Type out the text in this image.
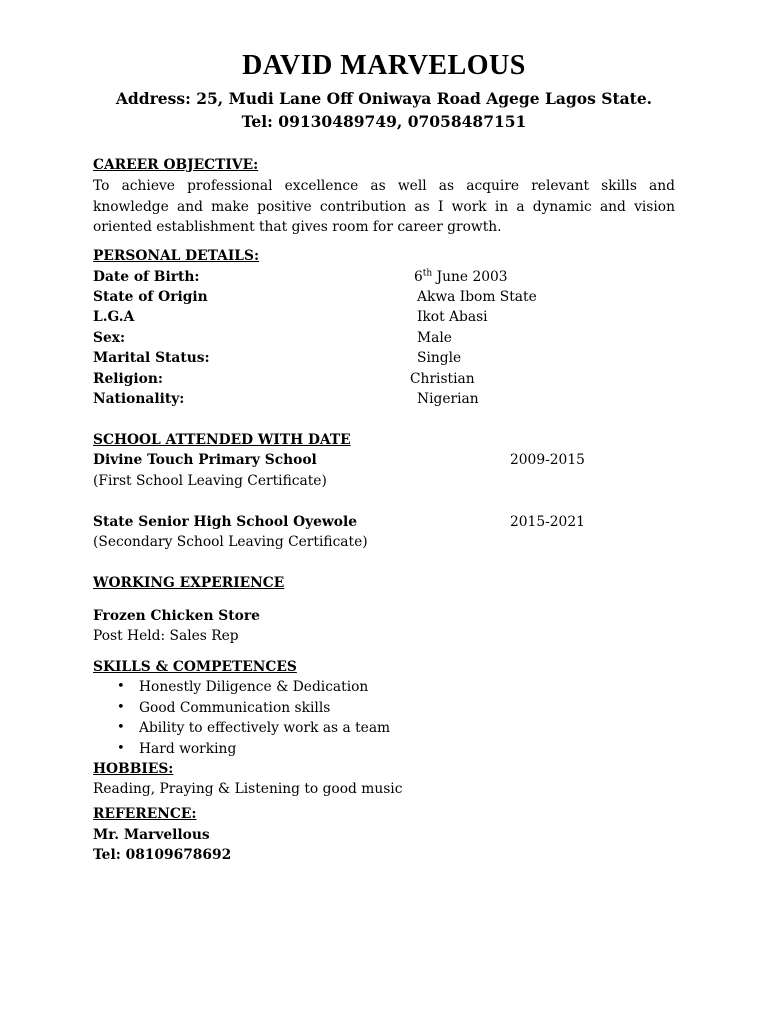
DAVID MARVELOUS
Address: 25, Mudi Lane Off Oniwaya Road Agege Lagos State.
Tel: 09130489749, 07058487151
CAREER OBJECTIVE:
To achieve professional excellence as well as acquire relevant skills and knowledge and make positive contribution as I work in a dynamic and vision oriented establishment that gives room for career growth.
PERSONAL DETAILS:
Date of Birth:	6th June 2003
State of Origin	Akwa Ibom State
L.G.A	Ikot Abasi
Sex:	Male
Marital Status:	Single
Religion:	Christian
Nationality:	Nigerian
SCHOOL ATTENDED WITH DATE
Divine Touch Primary School	2009-2015
(First School Leaving Certificate)
State Senior High School Oyewole	2015-2021
(Secondary School Leaving Certificate)
WORKING EXPERIENCE
Frozen Chicken Store
Post Held: Sales Rep
SKILLS & COMPETENCES
• Honestly Diligence & Dedication
• Good Communication skills
• Ability to effectively work as a team
• Hard working
HOBBIES:
Reading, Praying & Listening to good music
REFERENCE:
Mr. Marvellous
Tel: 08109678692
